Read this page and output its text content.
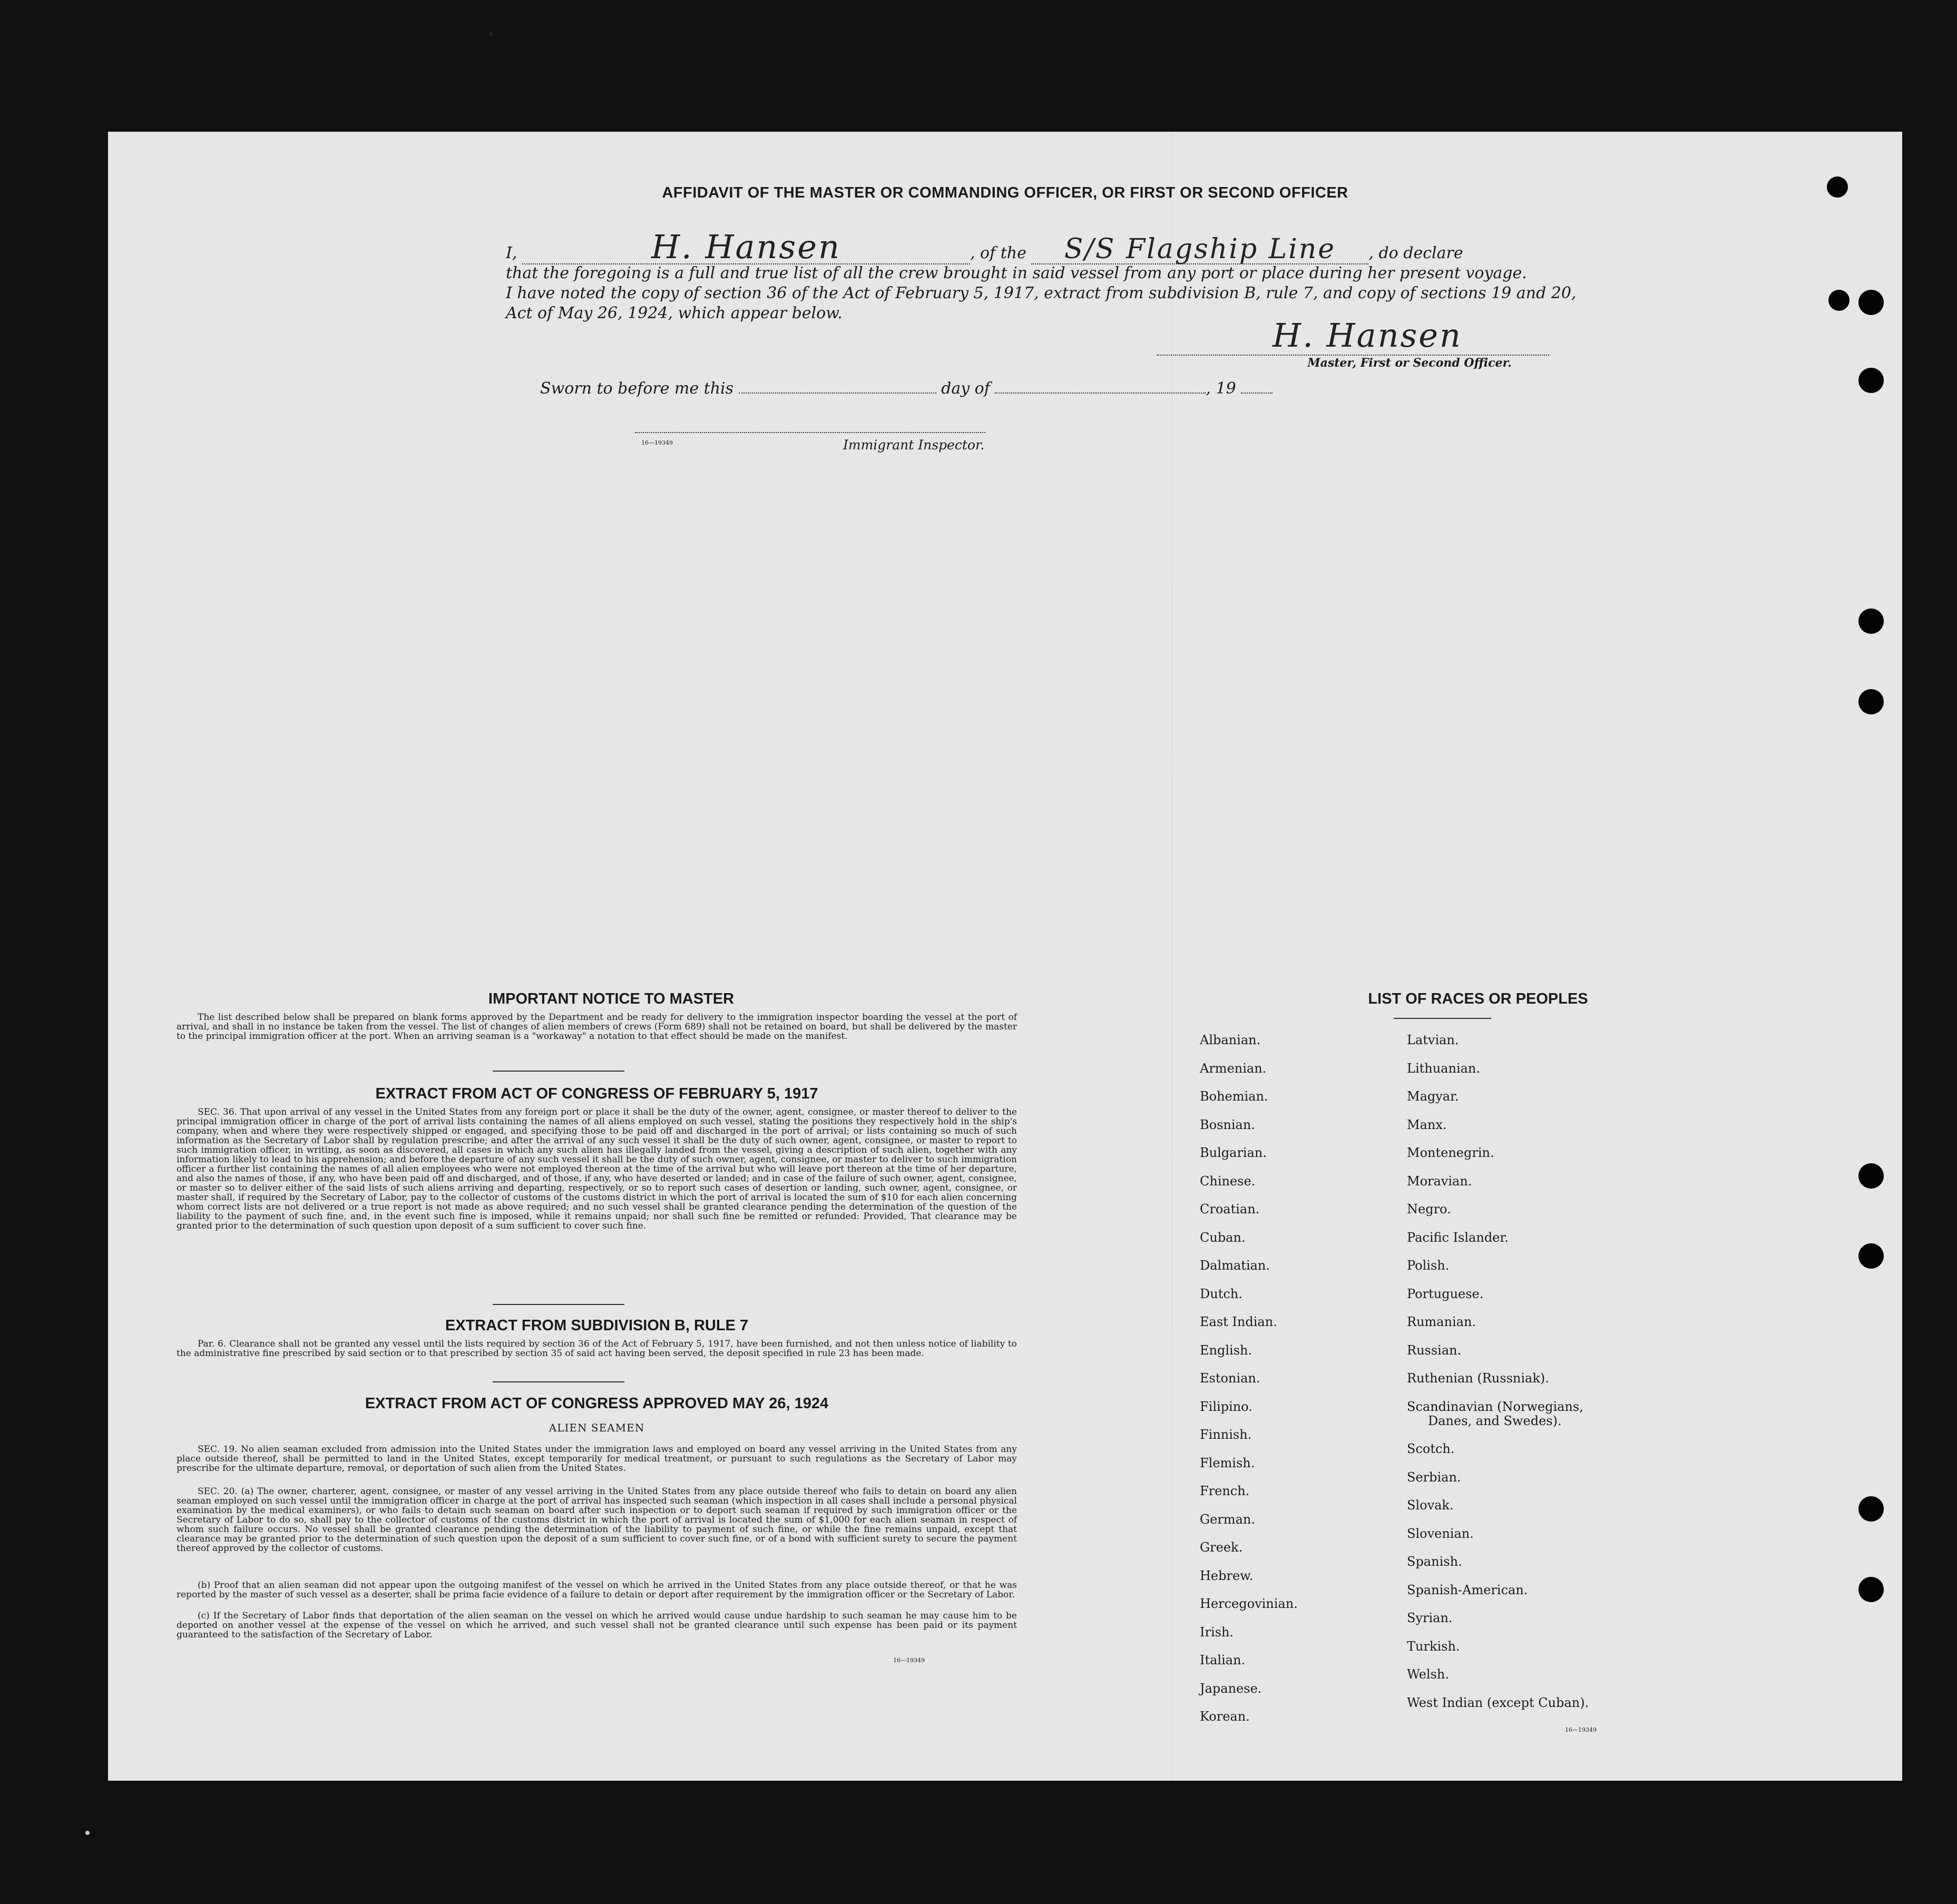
AFFIDAVIT OF THE MASTER OR COMMANDING OFFICER, OR FIRST OR SECOND OFFICER
I,	H. Hansen	, of the S/S Flagship Line , do declare
that the foregoing is a full and true list of all the crew brought in said vessel from any port or place during her present voyage.
I have noted the copy of section 36 of the Act of February 5, 1917, extract from subdivision B, rule 7, and copy of sections 19 and 20,
Act of May 26, 1924, which appear below.
H. Hansen
Master, First or Second Officer.
Sworn to before me this	day of	, 19
16—19349	Immigrant Inspector.
IMPORTANT NOTICE TO MASTER
The list described below shall be prepared on blank forms approved by the Department and be ready for delivery to the immigration inspector boarding the vessel at the port of arrival, and shall in no instance be taken from the vessel. The list of changes of alien members of crews (Form 689) shall not be retained on board, but shall be delivered by the master to the principal immigration officer at the port. When an arriving seaman is a "workaway" a notation to that effect should be made on the manifest.
EXTRACT FROM ACT OF CONGRESS OF FEBRUARY 5, 1917
SEC. 36. That upon arrival of any vessel in the United States from any foreign port or place it shall be the duty of the owner, agent, consignee, or master thereof to deliver to the principal immigration officer in charge of the port of arrival lists containing the names of all aliens employed on such vessel, stating the positions they respectively hold in the ship's company, when and where they were respectively shipped or engaged, and specifying those to be paid off and discharged in the port of arrival; or lists containing so much of such information as the Secretary of Labor shall by regulation prescribe; and after the arrival of any such vessel it shall be the duty of such owner, agent, consignee, or master to report to such immigration officer, in writing, as soon as discovered, all cases in which any such alien has illegally landed from the vessel, giving a description of such alien, together with any information likely to lead to his apprehension; and before the departure of any such vessel it shall be the duty of such owner, agent, consignee, or master to deliver to such immigration officer a further list containing the names of all alien employees who were not employed thereon at the time of the arrival but who will leave port thereon at the time of her departure, and also the names of those, if any, who have been paid off and discharged, and of those, if any, who have deserted or landed; and in case of the failure of such owner, agent, consignee, or master so to deliver either of the said lists of such aliens arriving and departing, respectively, or so to report such cases of desertion or landing, such owner, agent, consignee, or master shall, if required by the Secretary of Labor, pay to the collector of customs of the customs district in which the port of arrival is located the sum of $10 for each alien concerning whom correct lists are not delivered or a true report is not made as above required; and no such vessel shall be granted clearance pending the determination of the question of the liability to the payment of such fine, and, in the event such fine is imposed, while it remains unpaid; nor shall such fine be remitted or refunded: Provided, That clearance may be granted prior to the determination of such question upon deposit of a sum sufficient to cover such fine.
EXTRACT FROM SUBDIVISION B, RULE 7
Par. 6. Clearance shall not be granted any vessel until the lists required by section 36 of the Act of February 5, 1917, have been furnished, and not then unless notice of liability to the administrative fine prescribed by said section or to that prescribed by section 35 of said act having been served, the deposit specified in rule 23 has been made.
EXTRACT FROM ACT OF CONGRESS APPROVED MAY 26, 1924
ALIEN SEAMEN
SEC. 19. No alien seaman excluded from admission into the United States under the immigration laws and employed on board any vessel arriving in the United States from any place outside thereof, shall be permitted to land in the United States, except temporarily for medical treatment, or pursuant to such regulations as the Secretary of Labor may prescribe for the ultimate departure, removal, or deportation of such alien from the United States.
SEC. 20. (a) The owner, charterer, agent, consignee, or master of any vessel arriving in the United States from any place outside thereof who fails to detain on board any alien seaman employed on such vessel until the immigration officer in charge at the port of arrival has inspected such seaman (which inspection in all cases shall include a personal physical examination by the medical examiners), or who fails to detain such seaman on board after such inspection or to deport such seaman if required by such immigration officer or the Secretary of Labor to do so, shall pay to the collector of customs of the customs district in which the port of arrival is located the sum of $1,000 for each alien seaman in respect of whom such failure occurs. No vessel shall be granted clearance pending the determination of the liability to payment of such fine, or while the fine remains unpaid, except that clearance may be granted prior to the determination of such question upon the deposit of a sum sufficient to cover such fine, or of a bond with sufficient surety to secure the payment thereof approved by the collector of customs.
(b) Proof that an alien seaman did not appear upon the outgoing manifest of the vessel on which he arrived in the United States from any place outside thereof, or that he was reported by the master of such vessel as a deserter, shall be prima facie evidence of a failure to detain or deport after requirement by the immigration officer or the Secretary of Labor.
(c) If the Secretary of Labor finds that deportation of the alien seaman on the vessel on which he arrived would cause undue hardship to such seaman he may cause him to be deported on another vessel at the expense of the vessel on which he arrived, and such vessel shall not be granted clearance until such expense has been paid or its payment guaranteed to the satisfaction of the Secretary of Labor.
16—19349
LIST OF RACES OR PEOPLES
Albanian.
Armenian.
Bohemian.
Bosnian.
Bulgarian.
Chinese.
Croatian.
Cuban.
Dalmatian.
Dutch.
East Indian.
English.
Estonian.
Filipino.
Finnish.
Flemish.
French.
German.
Greek.
Hebrew.
Hercegovinian.
Irish.
Italian.
Japanese.
Korean.
Latvian.
Lithuanian.
Magyar.
Manx.
Montenegrin.
Moravian.
Negro.
Pacific Islander.
Polish.
Portuguese.
Rumanian.
Russian.
Ruthenian (Russniak).
Scandinavian (Norwegians,
Danes, and Swedes).
Scotch.
Serbian.
Slovak.
Slovenian.
Spanish.
Spanish-American.
Syrian.
Turkish.
Welsh.
West Indian (except Cuban).
16—19349
